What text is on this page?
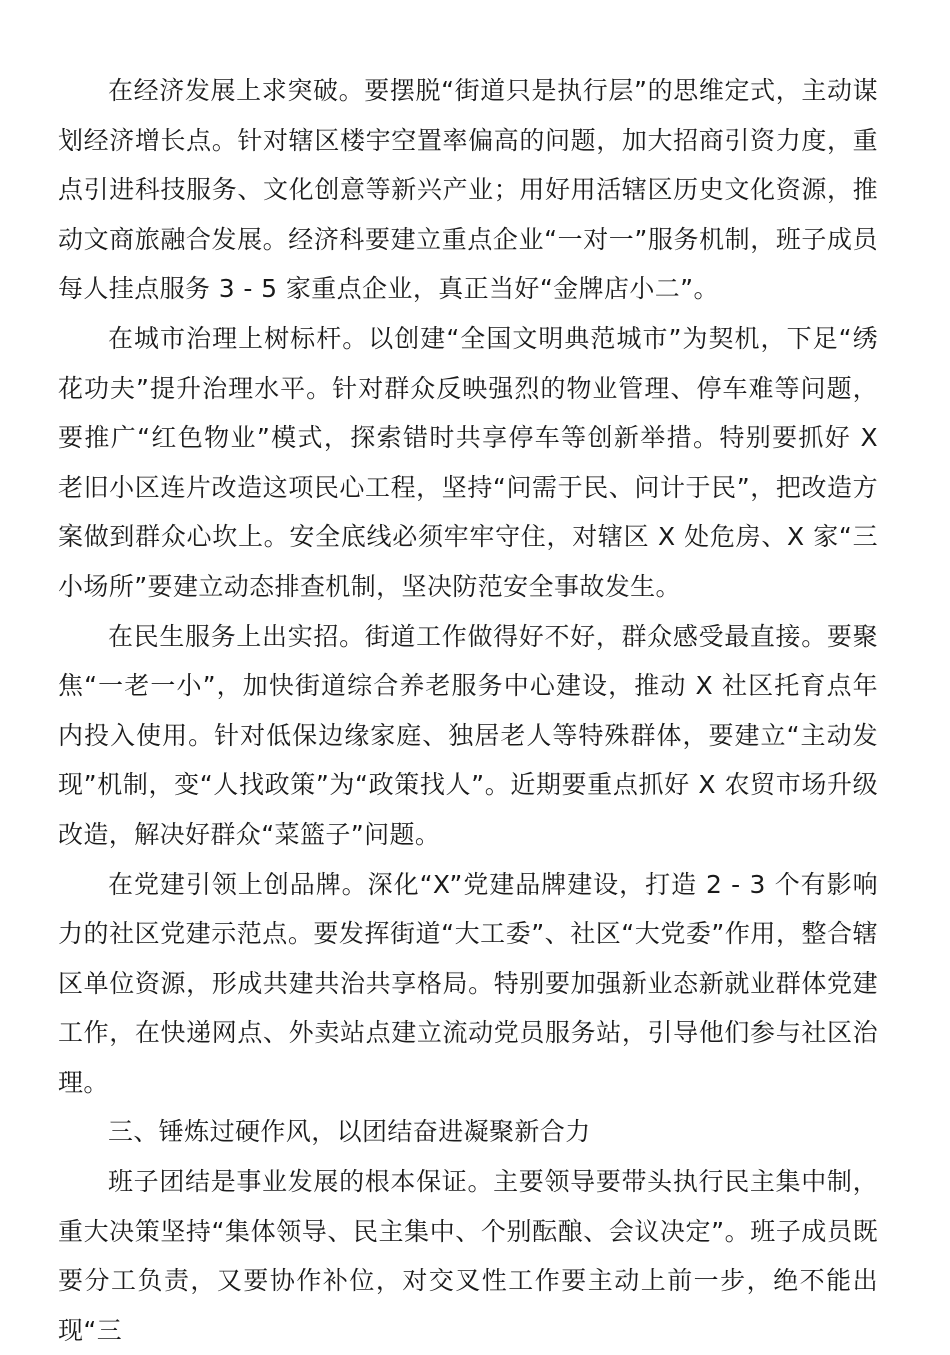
在经济发展上求突破。要摆脱“街道只是执行层”的思维定式，主动谋划经济增长点。针对辖区楼宇空置率偏高的问题，加大招商引资力度，重点引进科技服务、文化创意等新兴产业；用好用活辖区历史文化资源，推动文商旅融合发展。经济科要建立重点企业“一对一”服务机制，班子成员每人挂点服务 3 - 5 家重点企业，真正当好“金牌店小二”。

在城市治理上树标杆。以创建“全国文明典范城市”为契机，下足“绣花功夫”提升治理水平。针对群众反映强烈的物业管理、停车难等问题，要推广“红色物业”模式，探索错时共享停车等创新举措。特别要抓好 X 老旧小区连片改造这项民心工程，坚持“问需于民、问计于民”，把改造方案做到群众心坎上。安全底线必须牢牢守住，对辖区 X 处危房、X 家“三小场所”要建立动态排查机制，坚决防范安全事故发生。

在民生服务上出实招。街道工作做得好不好，群众感受最直接。要聚焦“一老一小”，加快街道综合养老服务中心建设，推动 X 社区托育点年内投入使用。针对低保边缘家庭、独居老人等特殊群体，要建立“主动发现”机制，变“人找政策”为“政策找人”。近期要重点抓好 X 农贸市场升级改造，解决好群众“菜篮子”问题。

在党建引领上创品牌。深化“X”党建品牌建设，打造 2 - 3 个有影响力的社区党建示范点。要发挥街道“大工委”、社区“大党委”作用，整合辖区单位资源，形成共建共治共享格局。特别要加强新业态新就业群体党建工作，在快递网点、外卖站点建立流动党员服务站，引导他们参与社区治理。

三、锤炼过硬作风，以团结奋进凝聚新合力

班子团结是事业发展的根本保证。主要领导要带头执行民主集中制，重大决策坚持“集体领导、民主集中、个别酝酿、会议决定”。班子成员既要分工负责，又要协作补位，对交叉性工作要主动上前一步，绝不能出现“三
